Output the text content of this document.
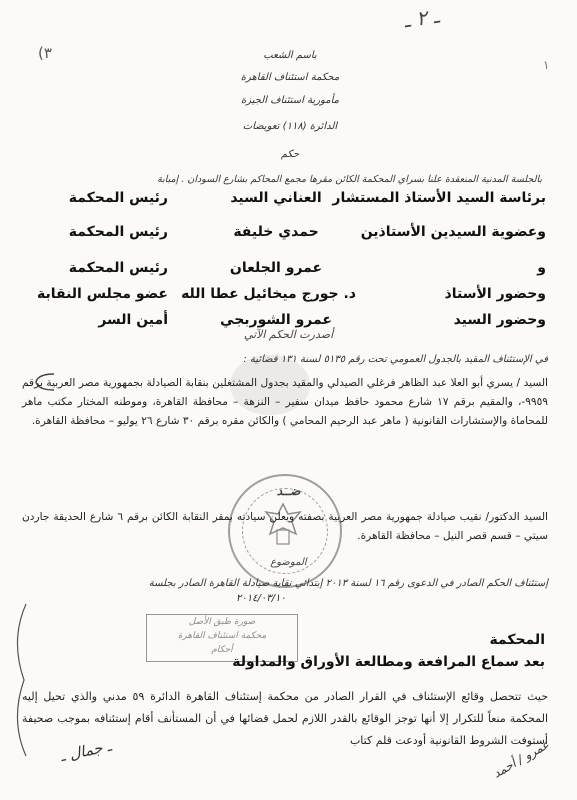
ـ ٢ ـ
(٣
١
باسم الشعب
محكمة استئناف القاهرة
مأمورية استئناف الجيزة
الدائرة (١١٨) تعويضات
حكم
بالجلسة المدنية المنعقدة علنا بسراي المحكمة الكائن مقرها مجمع المحاكم بشارع السودان . إمبابة
برئاسة السيد الأستاذ المستشار
العناني السيد
رئيس المحكمة
وعضوية السيدين الأستاذين
حمدي خليفة
رئيس المحكمة
و
عمرو الجلعان
رئيس المحكمة
وحضور الأستاذ
د. جورج ميخائيل عطا الله
عضو مجلس النقابة
وحضور السيد
عمرو الشوربجي
أمين السر
أصدرت الحكم الآتي
في الإستئناف المقيد بالجدول العمومي تحت رقم ٥١٣٥ لسنة ١٣١ قضائية :
السيد / يسري أبو العلا عبد الظاهر فرغلي الصيدلي والمقيد بجدول المشتغلين بنقابة الصيادلة بجمهورية مصر العربية برقم ٩٩٥٩-، والمقيم برقم ١٧ شارع محمود حافظ ميدان سفير – النزهة – محافظة القاهرة، وموطنه المختار مكتب ماهر للمحاماة والإستشارات القانونية ( ماهر عبد الرحيم المحامي ) والكائن مقره برقم ٣٠ شارع ٢٦ يوليو – محافظة القاهرة.
ضــد
السيد الدكتور/ نقيب صيادلة جمهورية مصر العربية بصفته ويعلن سيادته بمقر النقابة الكائن برقم ٦ شارع الحديقة جاردن سيتي – قسم قصر النيل – محافظة القاهرة.
الموضوع
إستئناف الحكم الصادر في الدعوى رقم ١٦ لسنة ٢٠١٣ إبتدائي نقابة صيادلة القاهرة الصادر بجلسة
٢٠١٤/٠٣/١٠
صورة طبق الأصل
محكمة استئناف القاهرة
أحكام
المحكمة
بعد سماع المرافعة ومطالعة الأوراق والمداولة
حيث تتحصل وقائع الإستئناف في القرار الصادر من محكمة إستئناف القاهرة الدائرة ٥٩ مدني والذي تحيل إليه المحكمة منعاً للتكرار إلا أنها توجز الوقائع بالقدر اللازم لحمل قضائها في أن المستأنف أقام إستئنافه بموجب صحيفة أستوفت الشروط القانونية أودعت قلم كتاب
ـ جمال ـ	عمرو / أحمد
